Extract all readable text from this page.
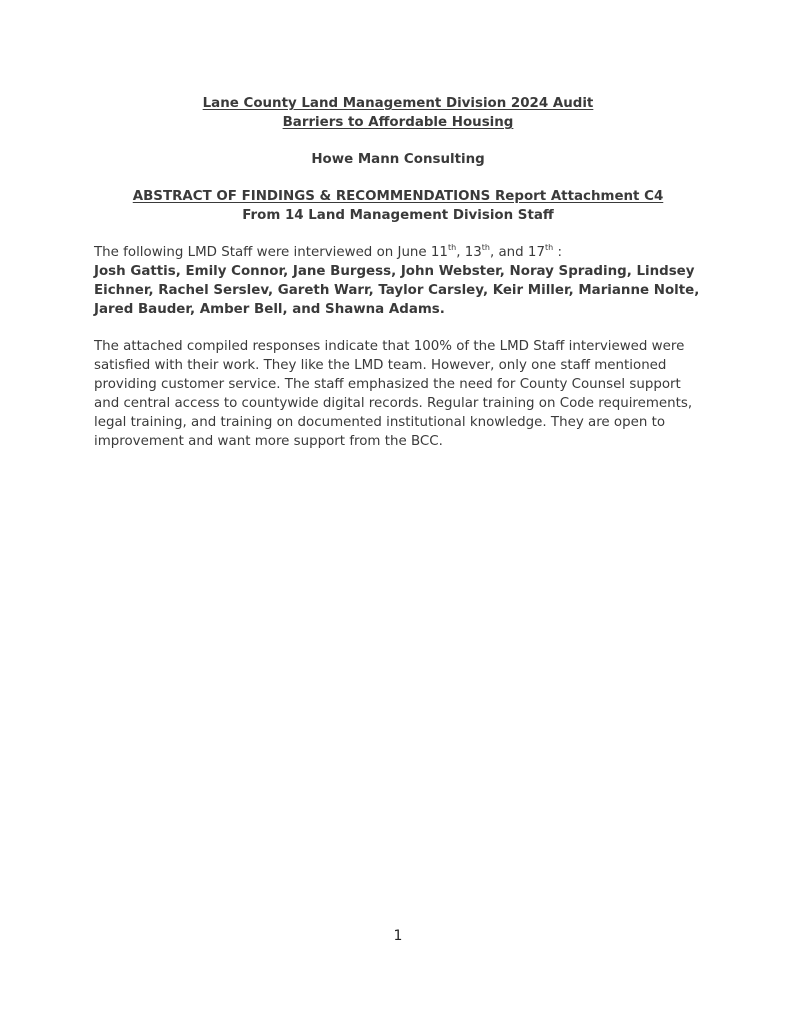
Lane County Land Management Division 2024 Audit
Barriers to Affordable Housing
Howe Mann Consulting
ABSTRACT OF FINDINGS & RECOMMENDATIONS Report Attachment C4
From 14 Land Management Division Staff
The following LMD Staff were interviewed on June 11th, 13th, and 17th :
Josh Gattis, Emily Connor, Jane Burgess, John Webster, Noray Sprading, Lindsey Eichner, Rachel Serslev, Gareth Warr, Taylor Carsley, Keir Miller, Marianne Nolte, Jared Bauder, Amber Bell, and Shawna Adams.
The attached compiled responses indicate that 100% of the LMD Staff interviewed were satisfied with their work. They like the LMD team. However, only one staff mentioned providing customer service. The staff emphasized the need for County Counsel support and central access to countywide digital records. Regular training on Code requirements, legal training, and training on documented institutional knowledge. They are open to improvement and want more support from the BCC.
1
